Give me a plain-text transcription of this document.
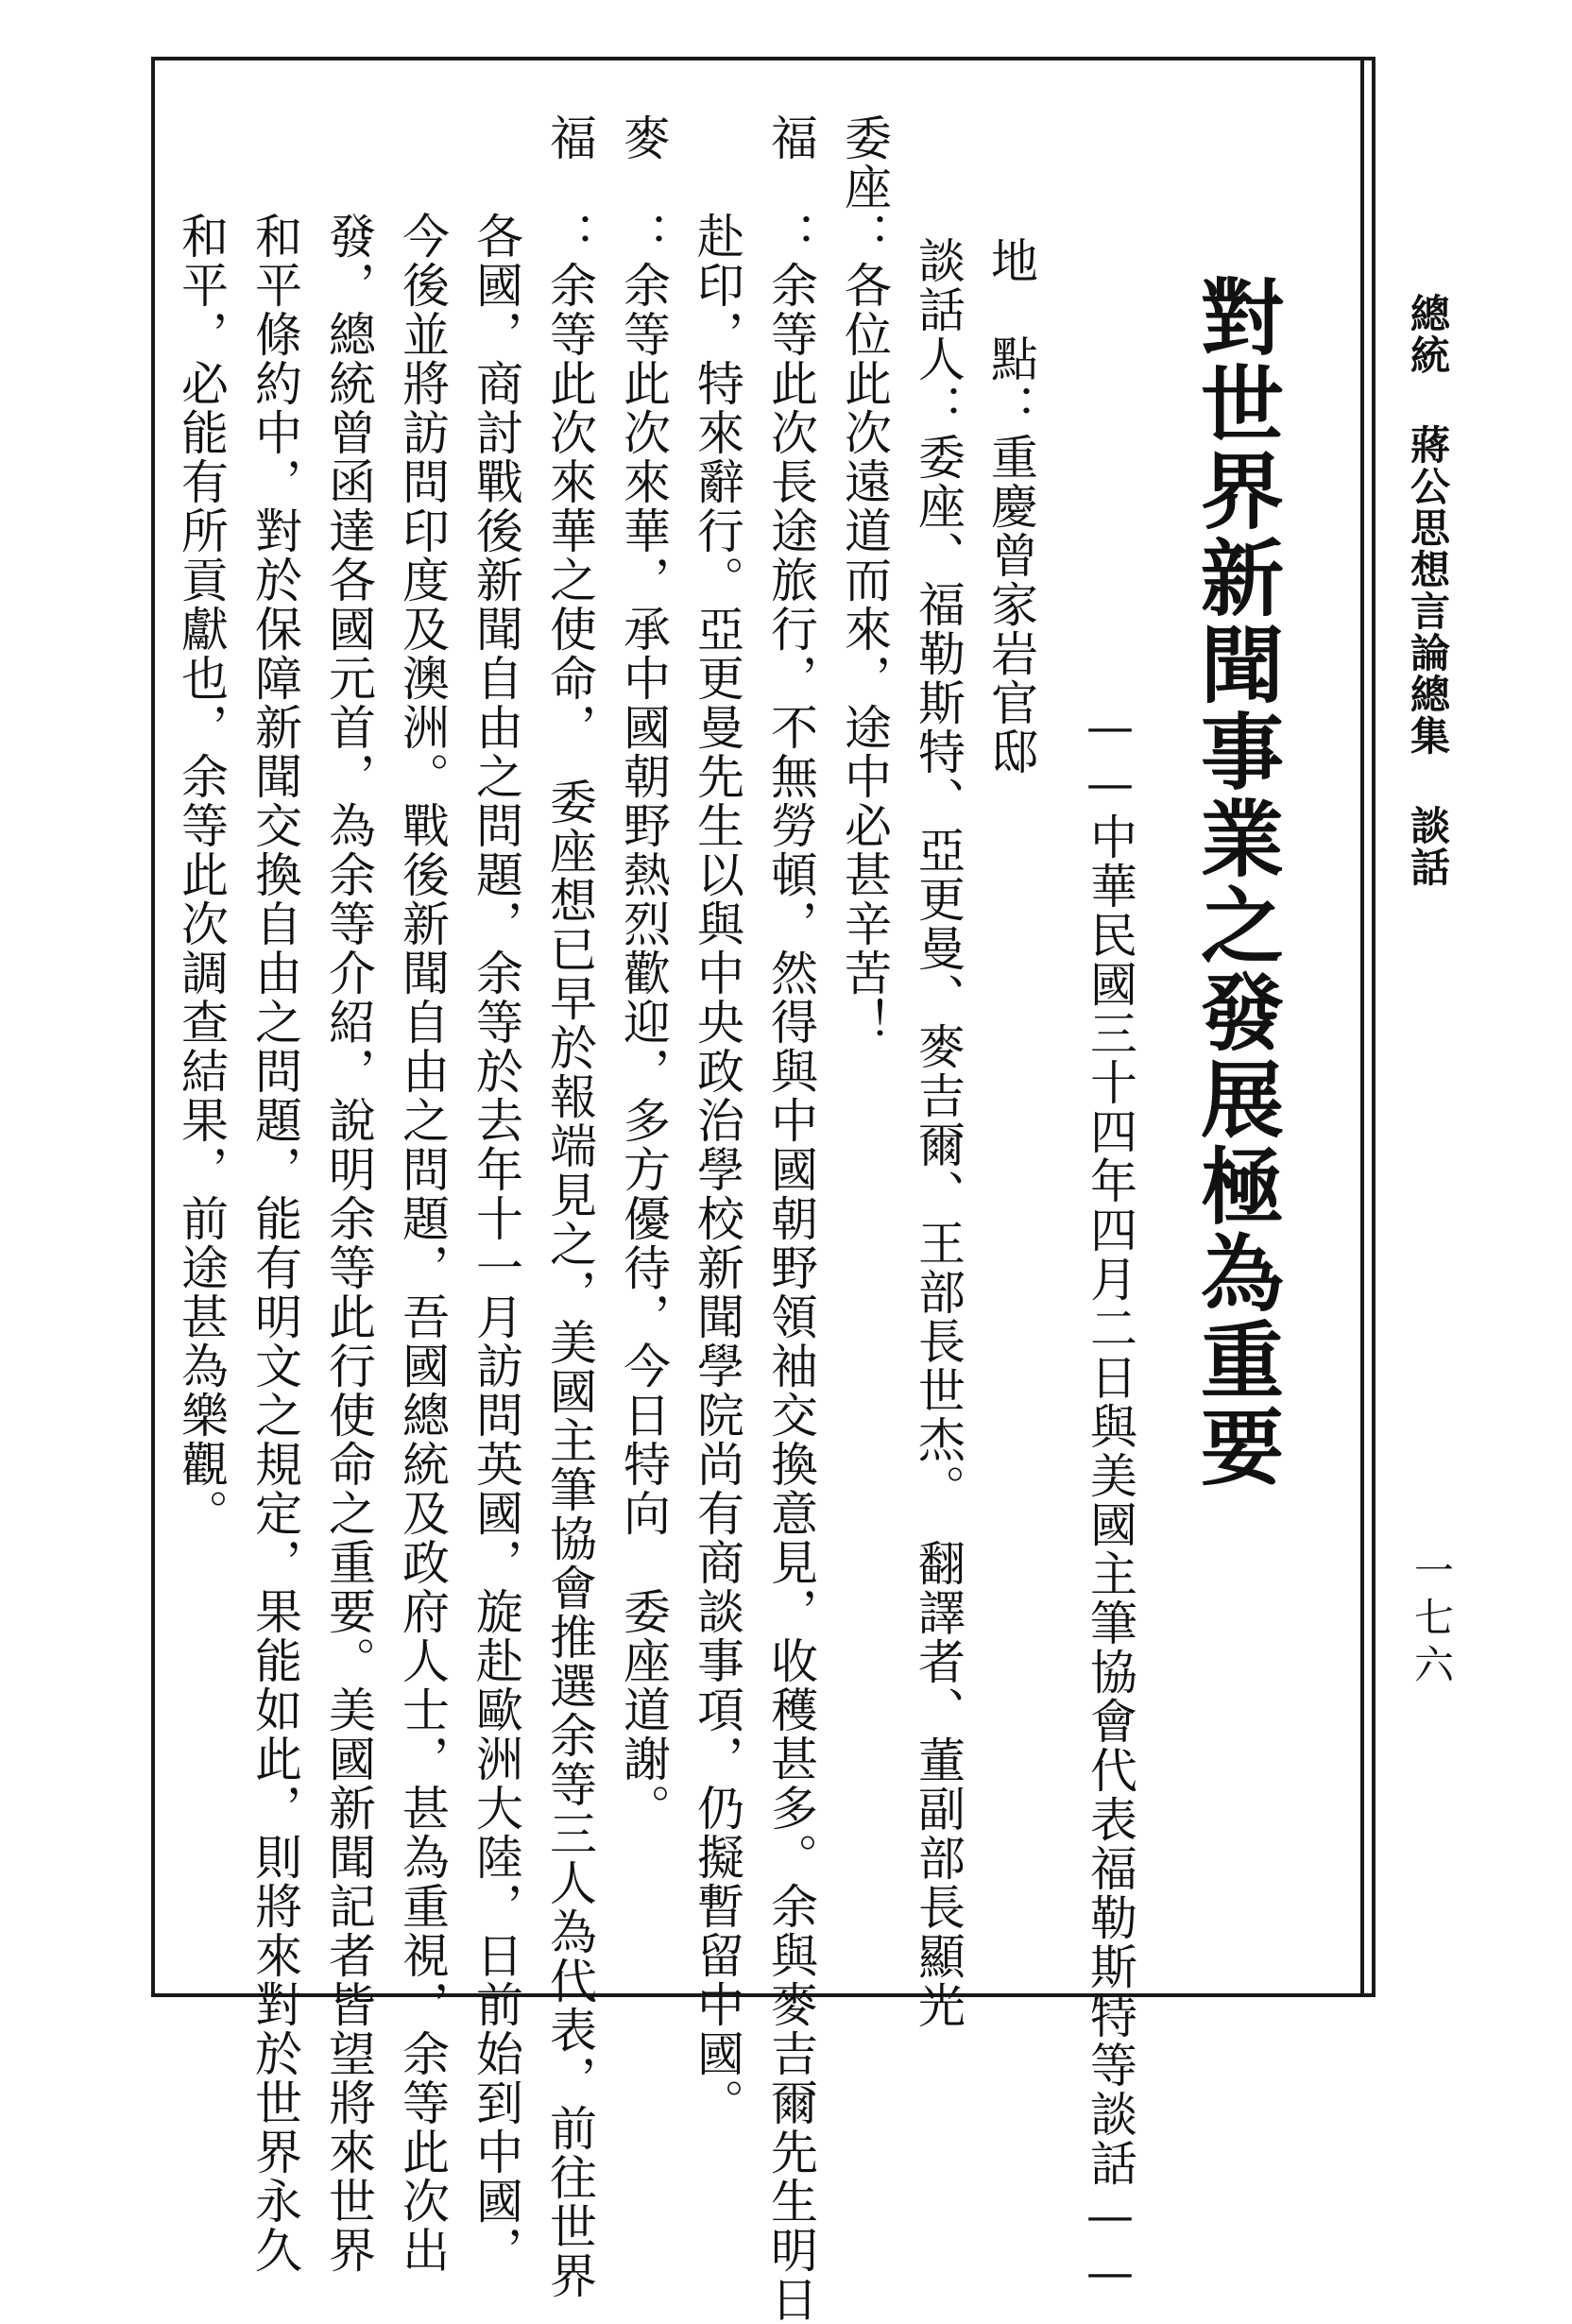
總統 蔣公思想言論總集 談話
一七六
對世界新聞事業之發展極為重要
——中華民國三十四年四月二日與美國主筆協會代表福勒斯特等談話——
地　點：重慶曾家岩官邸
談話人：委座、福勒斯特、亞更曼、麥吉爾、王部長世杰。　翻譯者、董副部長顯光
委座：各位此次遠道而來，途中必甚辛苦！
福　：余等此次長途旅行，不無勞頓，然得與中國朝野領袖交換意見，收穫甚多。余與麥吉爾先生明日
　　赴印，特來辭行。亞更曼先生以與中央政治學校新聞學院尚有商談事項，仍擬暫留中國。
麥　：余等此次來華，承中國朝野熱烈歡迎，多方優待，今日特向　委座道謝。
福　：余等此次來華之使命，　委座想已早於報端見之，美國主筆協會推選余等三人為代表，前往世界
　　各國，商討戰後新聞自由之問題，余等於去年十一月訪問英國，旋赴歐洲大陸，日前始到中國，
　　今後並將訪問印度及澳洲。戰後新聞自由之問題，吾國總統及政府人士，甚為重視，余等此次出
　　發，總統曾函達各國元首，為余等介紹，說明余等此行使命之重要。美國新聞記者皆望將來世界
　　和平條約中，對於保障新聞交換自由之問題，能有明文之規定，果能如此，則將來對於世界永久
　　和平，必能有所貢獻也，余等此次調查結果，前途甚為樂觀。
